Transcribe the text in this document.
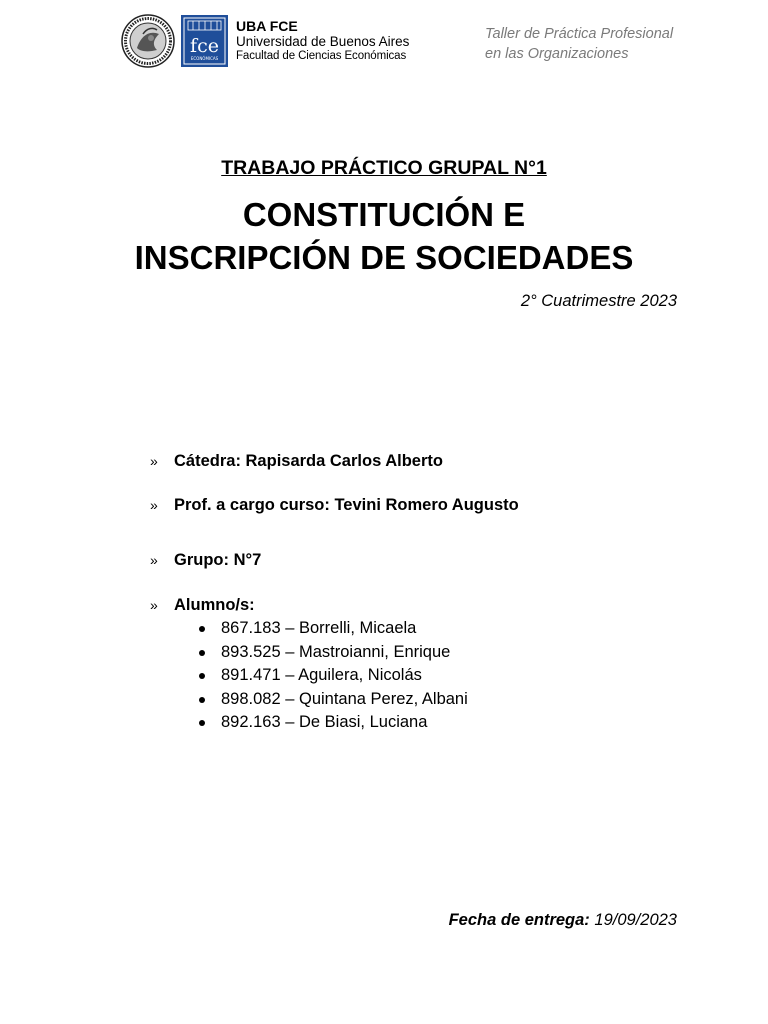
fce
ECONÓMICAS
UBA FCE
Universidad de Buenos Aires
Facultad de Ciencias Económicas
Taller de Práctica Profesional
en las Organizaciones
TRABAJO PRÁCTICO GRUPAL N°1
CONSTITUCIÓN E
INSCRIPCIÓN DE SOCIEDADES
2° Cuatrimestre 2023
» Cátedra: Rapisarda Carlos Alberto
» Prof. a cargo curso: Tevini Romero Augusto
» Grupo: N°7
» Alumno/s:
867.183 – Borrelli, Micaela
893.525 – Mastroianni, Enrique
891.471 – Aguilera, Nicolás
898.082 – Quintana Perez, Albani
892.163 – De Biasi, Luciana
Fecha de entrega: 19/09/2023
